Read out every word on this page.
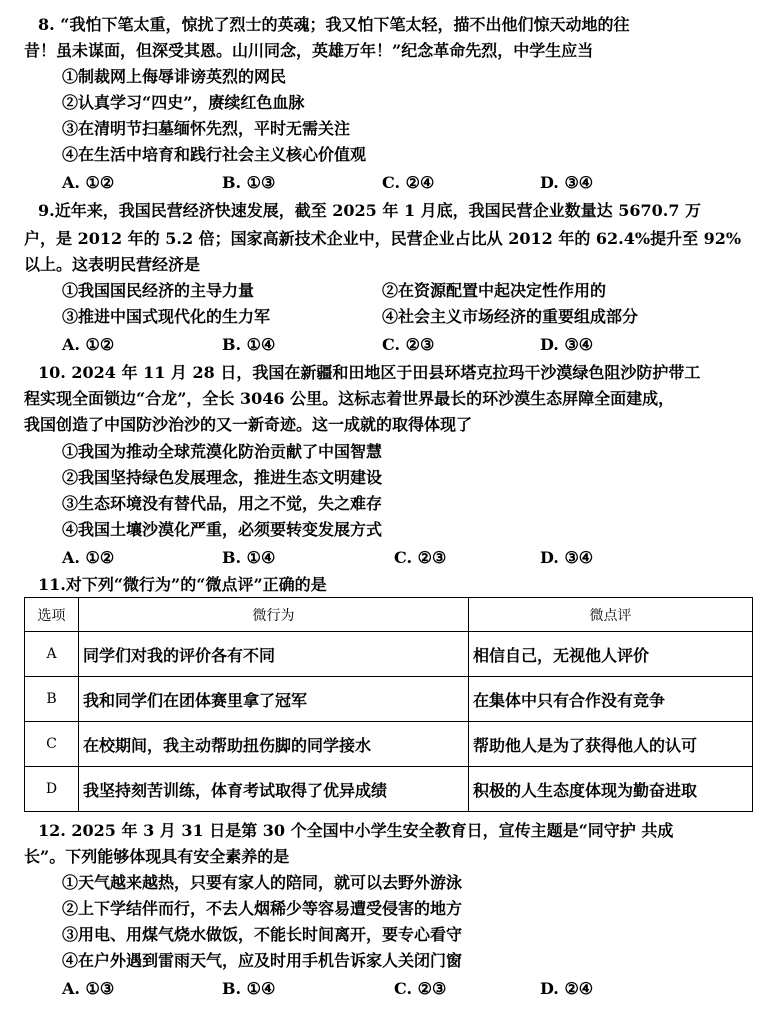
8. “我怕下笔太重，惊扰了烈士的英魂；我又怕下笔太轻，描不出他们惊天动地的往
昔！虽未谋面，但深受其恩。山川同念，英雄万年！”纪念革命先烈，中学生应当
①制裁网上侮辱诽谤英烈的网民
②认真学习“四史”，赓续红色血脉
③在清明节扫墓缅怀先烈，平时无需关注
④在生活中培育和践行社会主义核心价值观
A. ①②	B. ①③	C. ②④	D. ③④
9.近年来，我国民营经济快速发展，截至 2025 年 1 月底，我国民营企业数量达 5670.7 万
户，是 2012 年的 5.2 倍；国家高新技术企业中，民营企业占比从 2012 年的 62.4%提升至 92%
以上。这表明民营经济是
①我国国民经济的主导力量	②在资源配置中起决定性作用的
③推进中国式现代化的生力军	④社会主义市场经济的重要组成部分
A. ①②	B. ①④	C. ②③	D. ③④
10. 2024 年 11 月 28 日，我国在新疆和田地区于田县环塔克拉玛干沙漠绿色阻沙防护带工
程实现全面锁边“合龙”，全长 3046 公里。这标志着世界最长的环沙漠生态屏障全面建成，
我国创造了中国防沙治沙的又一新奇迹。这一成就的取得体现了
①我国为推动全球荒漠化防治贡献了中国智慧
②我国坚持绿色发展理念，推进生态文明建设
③生态环境没有替代品，用之不觉，失之难存
④我国土壤沙漠化严重，必须要转变发展方式
A. ①②	B. ①④	C. ②③	D. ③④
11.对下列“微行为”的“微点评”正确的是
选项	微行为	微点评
A	同学们对我的评价各有不同	相信自己，无视他人评价
B	我和同学们在团体赛里拿了冠军	在集体中只有合作没有竞争
C	在校期间，我主动帮助扭伤脚的同学接水	帮助他人是为了获得他人的认可
D	我坚持刻苦训练，体育考试取得了优异成绩	积极的人生态度体现为勤奋进取
12. 2025 年 3 月 31 日是第 30 个全国中小学生安全教育日，宣传主题是“同守护 共成
长”。下列能够体现具有安全素养的是
①天气越来越热，只要有家人的陪同，就可以去野外游泳
②上下学结伴而行，不去人烟稀少等容易遭受侵害的地方
③用电、用煤气烧水做饭，不能长时间离开，要专心看守
④在户外遇到雷雨天气，应及时用手机告诉家人关闭门窗
A. ①③	B. ①④	C. ②③	D. ②④
